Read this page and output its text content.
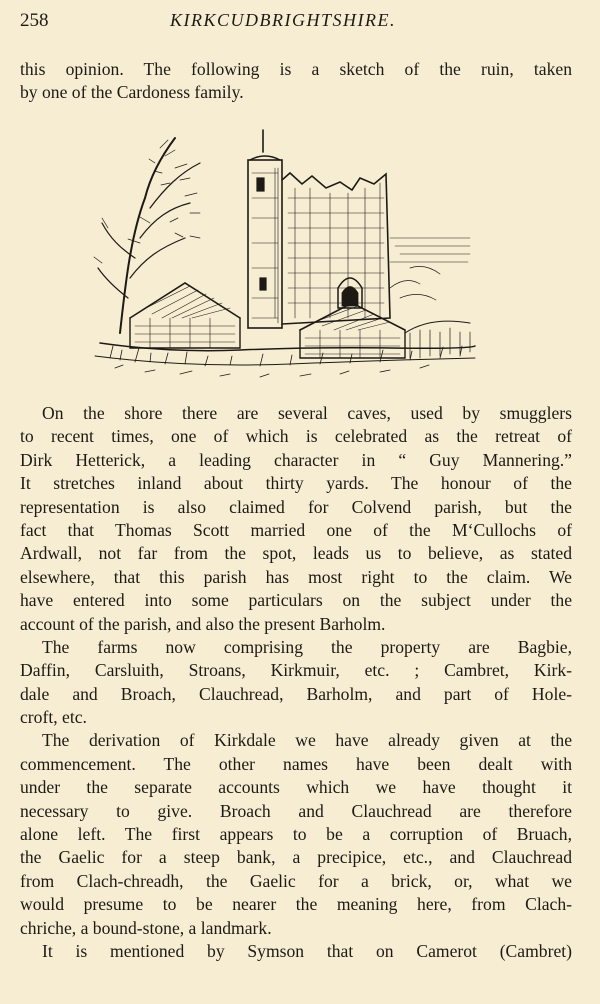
258	KIRKCUDBRIGHTSHIRE.
this opinion. The following is a sketch of the ruin, taken
by one of the Cardoness family.
On the shore there are several caves, used by smugglers
to recent times, one of which is celebrated as the retreat of
Dirk Hetterick, a leading character in “ Guy Mannering.”
It stretches inland about thirty yards. The honour of the
representation is also claimed for Colvend parish, but the
fact that Thomas Scott married one of the M‘Cullochs of
Ardwall, not far from the spot, leads us to believe, as stated
elsewhere, that this parish has most right to the claim. We
have entered into some particulars on the subject under the
account of the parish, and also the present Barholm.
The farms now comprising the property are Bagbie,
Daffin, Carsluith, Stroans, Kirkmuir, etc. ; Cambret, Kirk-
dale and Broach, Clauchread, Barholm, and part of Hole-
croft, etc.
The derivation of Kirkdale we have already given at the
commencement. The other names have been dealt with
under the separate accounts which we have thought it
necessary to give. Broach and Clauchread are therefore
alone left. The first appears to be a corruption of Bruach,
the Gaelic for a steep bank, a precipice, etc., and Clauchread
from Clach-chreadh, the Gaelic for a brick, or, what we
would presume to be nearer the meaning here, from Clach-
chriche, a bound-stone, a landmark.
It is mentioned by Symson that on Camerot (Cambret)
